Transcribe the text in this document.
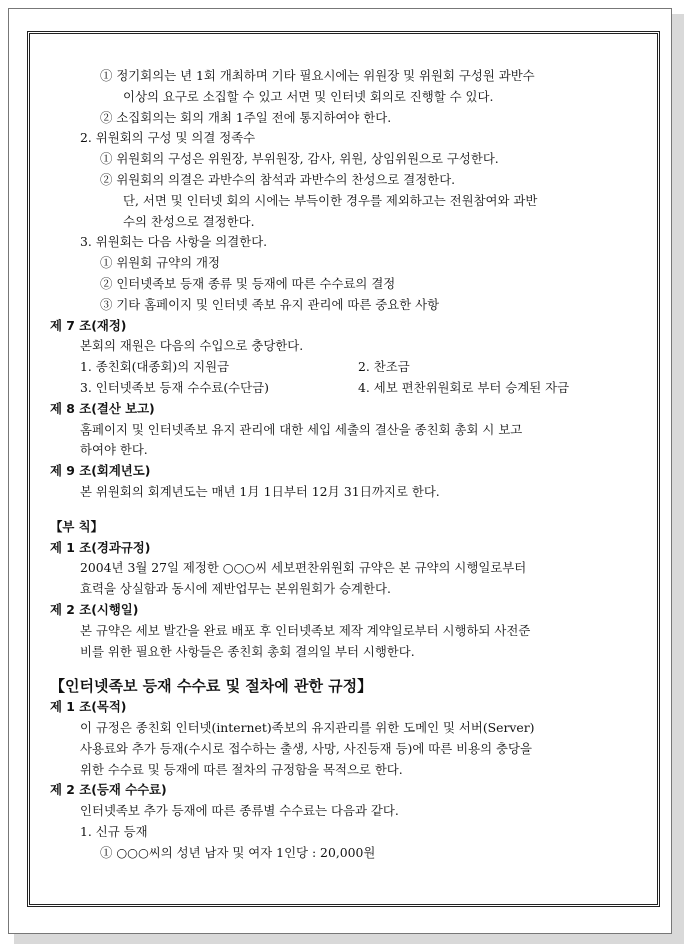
① 정기회의는 년 1회 개최하며 기타 필요시에는 위원장 및 위원회 구성원 과반수
이상의 요구로 소집할 수 있고 서면 및 인터넷 회의로 진행할 수 있다.
② 소집회의는 회의 개최 1주일 전에 통지하여야 한다.
2. 위원회의 구성 및 의결 정족수
① 위원회의 구성은 위원장, 부위원장, 감사, 위원, 상임위원으로 구성한다.
② 위원회의 의결은 과반수의 참석과 과반수의 찬성으로 결정한다.
단, 서면 및 인터넷 회의 시에는 부득이한 경우를 제외하고는 전원참여와 과반
수의 찬성으로 결정한다.
3. 위원회는 다음 사항을 의결한다.
① 위원회 규약의 개정
② 인터넷족보 등재 종류 및 등재에 따른 수수료의 결정
③ 기타 홈페이지 및 인터넷 족보 유지 관리에 따른 중요한 사항
제 7 조(재정)
본회의 재원은 다음의 수입으로 충당한다.
1. 종친회(대종회)의 지원금	2. 찬조금
3. 인터넷족보 등재 수수료(수단금)	4. 세보 편찬위원회로 부터 승계된 자금
제 8 조(결산 보고)
홈페이지 및 인터넷족보 유지 관리에 대한 세입 세출의 결산을 종친회 총회 시 보고
하여야 한다.
제 9 조(회계년도)
본 위원회의 회계년도는 매년 1月 1日부터 12月 31日까지로 한다.
【부 칙】
제 1 조(경과규정)
2004년 3월 27일 제정한 ○○○씨 세보편찬위원회 규약은 본 규약의 시행일로부터
효력을 상실함과 동시에 제반업무는 본위원회가 승계한다.
제 2 조(시행일)
본 규약은 세보 발간을 완료 배포 후 인터넷족보 제작 계약일로부터 시행하되 사전준
비를 위한 필요한 사항들은 종친회 총회 결의일 부터 시행한다.
【인터넷족보 등재 수수료 및 절차에 관한 규정】
제 1 조(목적)
이 규정은 종친회 인터넷(internet)족보의 유지관리를 위한 도메인 및 서버(Server)
사용료와 추가 등재(수시로 접수하는 출생, 사망, 사진등재 등)에 따른 비용의 충당을
위한 수수료 및 등재에 따른 절차의 규정함을 목적으로 한다.
제 2 조(등재 수수료)
인터넷족보 추가 등재에 따른 종류별 수수료는 다음과 같다.
1. 신규 등재
① ○○○씨의 성년 남자 및 여자 1인당 : 20,000원
